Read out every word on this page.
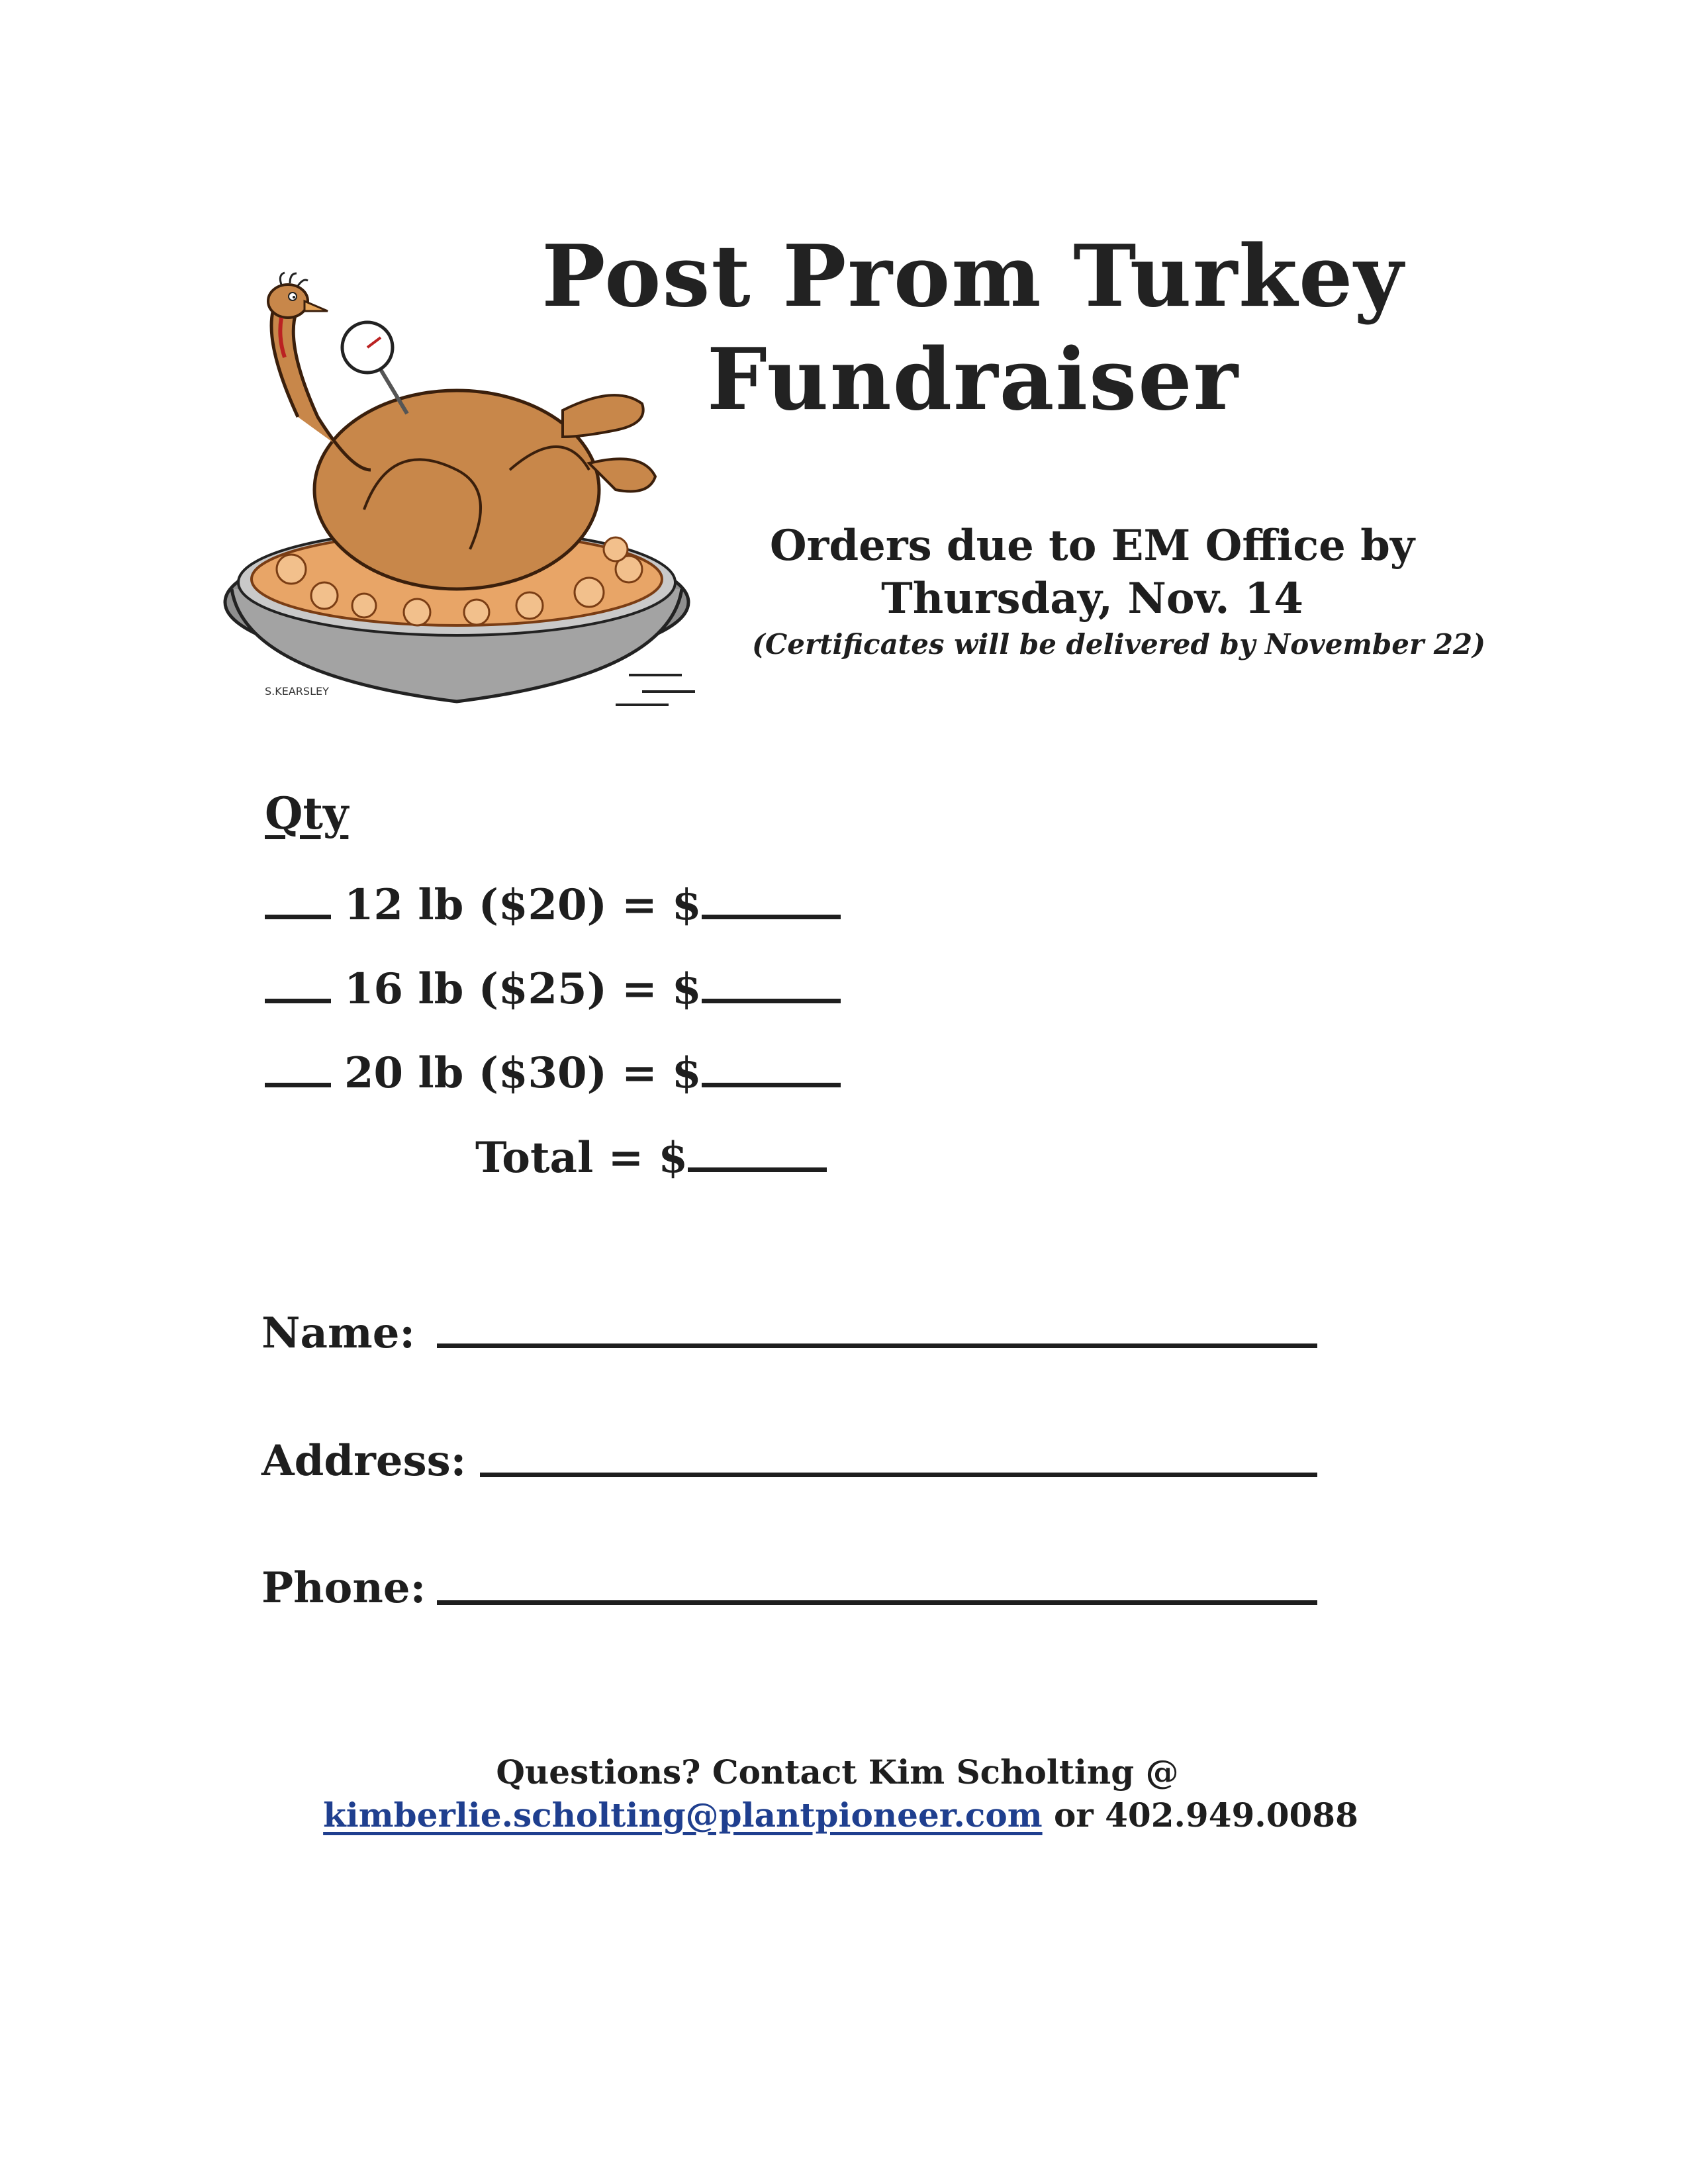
S.KEARSLEY
Post Prom Turkey
Fundraiser
Orders due to EM Office by
Thursday, Nov. 14
(Certificates will be delivered by November 22)
Qty
12 lb ($20) = $
16 lb ($25) = $
20 lb ($30) = $
Total = $
Name:
Address:
Phone:
Questions? Contact Kim Scholting @
kimberlie.scholting@plantpioneer.com or 402.949.0088
